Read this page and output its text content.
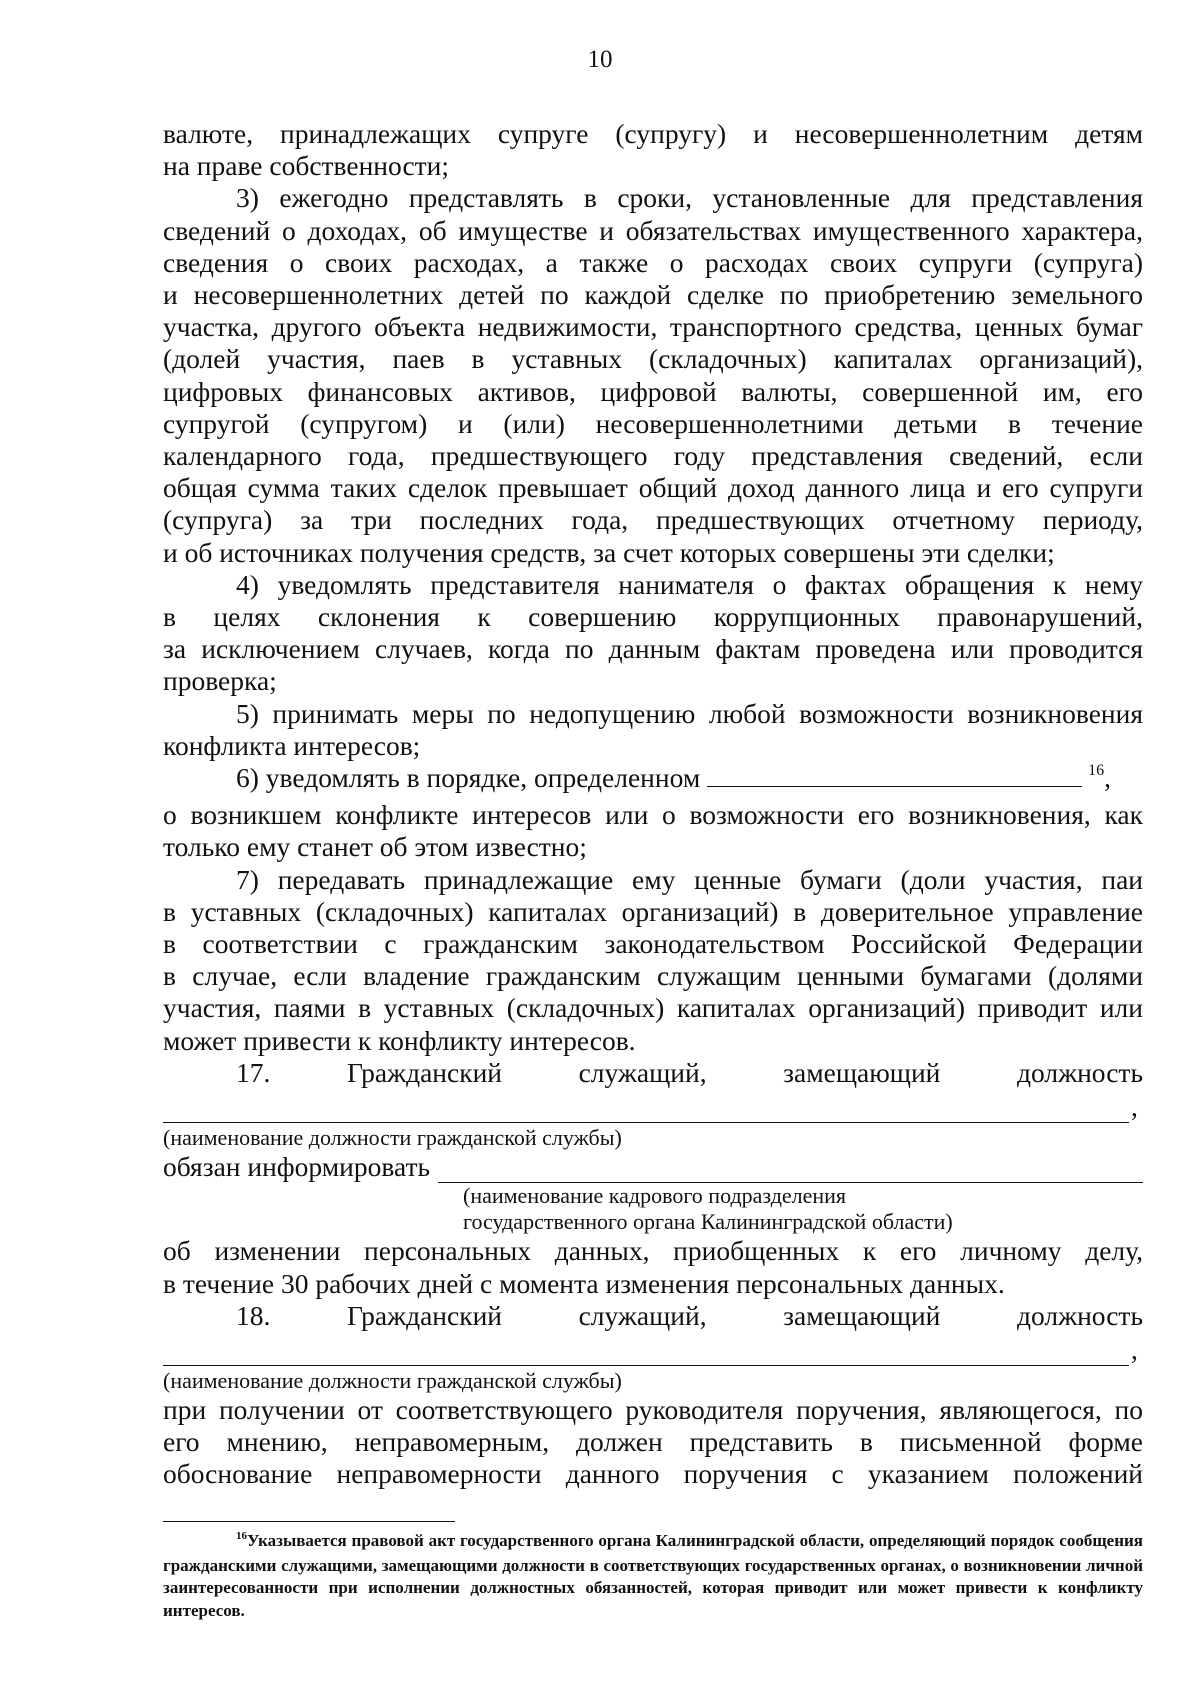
10
валюте, принадлежащих супруге (супругу) и несовершеннолетним детям
на праве собственности;
3) ежегодно представлять в сроки, установленные для представления
сведений о доходах, об имуществе и обязательствах имущественного характера,
сведения о своих расходах, а также о расходах своих супруги (супруга)
и несовершеннолетних детей по каждой сделке по приобретению земельного
участка, другого объекта недвижимости, транспортного средства, ценных бумаг
(долей участия, паев в уставных (складочных) капиталах организаций),
цифровых финансовых активов, цифровой валюты, совершенной им, его
супругой (супругом) и (или) несовершеннолетними детьми в течение
календарного года, предшествующего году представления сведений, если
общая сумма таких сделок превышает общий доход данного лица и его супруги
(супруга) за три последних года, предшествующих отчетному периоду,
и об источниках получения средств, за счет которых совершены эти сделки;
4) уведомлять представителя нанимателя о фактах обращения к нему
в целях склонения к совершению коррупционных правонарушений,
за исключением случаев, когда по данным фактам проведена или проводится
проверка;
5) принимать меры по недопущению любой возможности возникновения
конфликта интересов;
6) уведомлять в порядке, определенном	$^{16}$,
о возникшем конфликте интересов или о возможности его возникновения, как
только ему станет об этом известно;
7) передавать принадлежащие ему ценные бумаги (доли участия, паи
в уставных (складочных) капиталах организаций) в доверительное управление
в соответствии с гражданским законодательством Российской Федерации
в случае, если владение гражданским служащим ценными бумагами (долями
участия, паями в уставных (складочных) капиталах организаций) приводит или
может привести к конфликту интересов.
17. Гражданский служащий, замещающий должность
,
(наименование должности гражданской службы)
обязан информировать
(наименование кадрового подразделения
государственного органа Калининградской области)
об изменении персональных данных, приобщенных к его личному делу,
в течение 30 рабочих дней с момента изменения персональных данных.
18. Гражданский служащий, замещающий должность
,
(наименование должности гражданской службы)
при получении от соответствующего руководителя поручения, являющегося, по
его мнению, неправомерным, должен представить в письменной форме
обоснование неправомерности данного поручения с указанием положений
$^{16}$Указывается правовой акт государственного органа Калининградской области, определяющий порядок сообщения гражданскими служащими, замещающими должности в соответствующих государственных органах, о возникновении личной заинтересованности при исполнении должностных обязанностей, которая приводит или может привести к конфликту интересов.
